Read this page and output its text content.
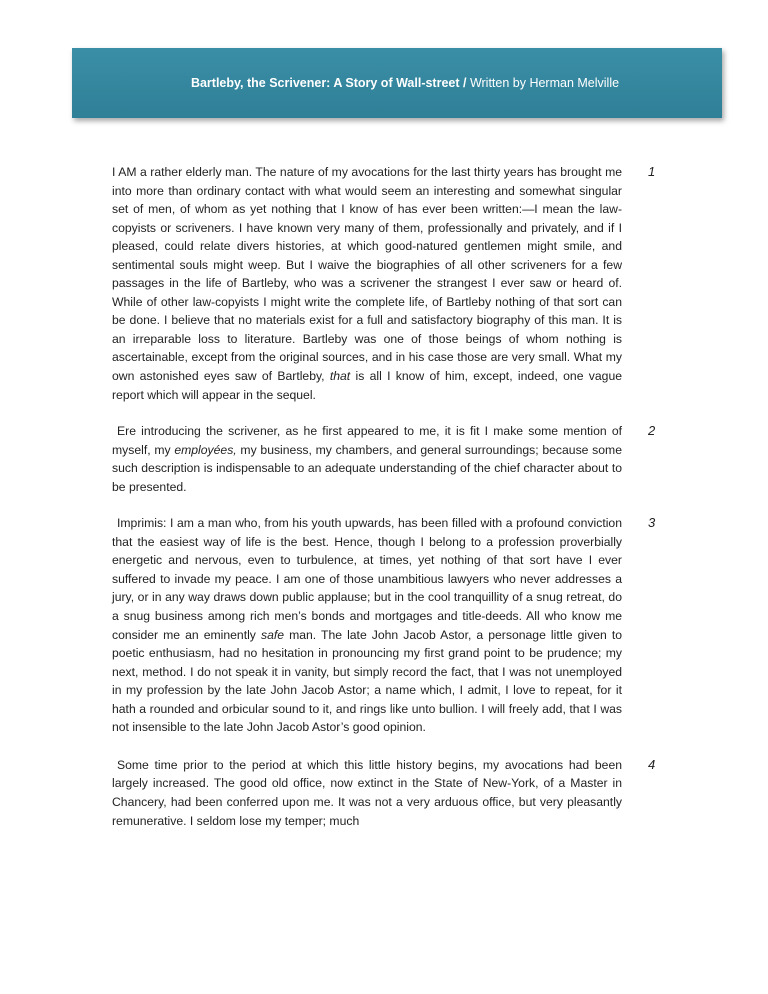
Bartleby, the Scrivener: A Story of Wall-street / Written by Herman Melville

I AM a rather elderly man. The nature of my avocations for the last thirty years has brought me into more than ordinary contact with what would seem an interesting and somewhat singular set of men, of whom as yet nothing that I know of has ever been written:—I mean the law-copyists or scriveners. I have known very many of them, professionally and privately, and if I pleased, could relate divers histories, at which good-natured gentlemen might smile, and sentimental souls might weep. But I waive the biographies of all other scriveners for a few passages in the life of Bartleby, who was a scrivener the strangest I ever saw or heard of. While of other law-copyists I might write the complete life, of Bartleby nothing of that sort can be done. I believe that no materials exist for a full and satisfactory biography of this man. It is an irreparable loss to literature. Bartleby was one of those beings of whom nothing is ascertainable, except from the original sources, and in his case those are very small. What my own astonished eyes saw of Bartleby, that is all I know of him, except, indeed, one vague report which will appear in the sequel.
1

Ere introducing the scrivener, as he first appeared to me, it is fit I make some mention of myself, my employées, my business, my chambers, and general surroundings; because some such description is indispensable to an adequate understanding of the chief character about to be presented.
2

Imprimis: I am a man who, from his youth upwards, has been filled with a profound conviction that the easiest way of life is the best. Hence, though I belong to a profession proverbially energetic and nervous, even to turbulence, at times, yet nothing of that sort have I ever suffered to invade my peace. I am one of those unambitious lawyers who never addresses a jury, or in any way draws down public applause; but in the cool tranquillity of a snug retreat, do a snug business among rich men’s bonds and mortgages and title-deeds. All who know me consider me an eminently safe man. The late John Jacob Astor, a personage little given to poetic enthusiasm, had no hesitation in pronouncing my first grand point to be prudence; my next, method. I do not speak it in vanity, but simply record the fact, that I was not unemployed in my profession by the late John Jacob Astor; a name which, I admit, I love to repeat, for it hath a rounded and orbicular sound to it, and rings like unto bullion. I will freely add, that I was not insensible to the late John Jacob Astor’s good opinion.
3

Some time prior to the period at which this little history begins, my avocations had been largely increased. The good old office, now extinct in the State of New-York, of a Master in Chancery, had been conferred upon me. It was not a very arduous office, but very pleasantly remunerative. I seldom lose my temper; much
4
